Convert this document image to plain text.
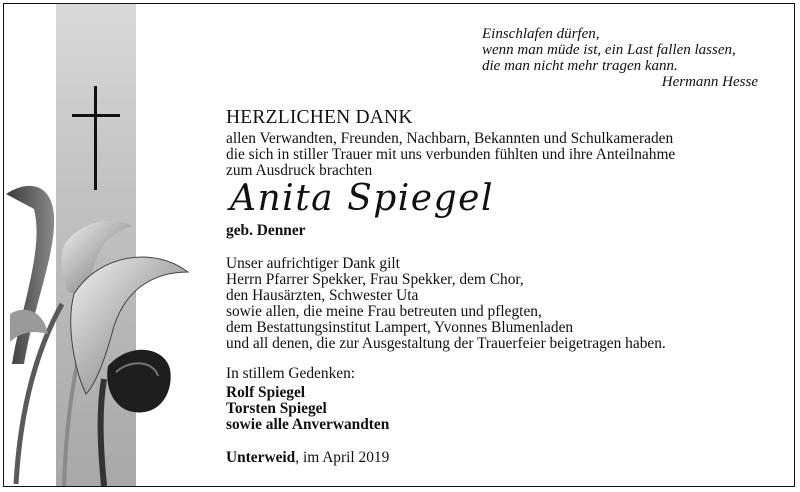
Einschlafen dürfen,
wenn man müde ist, ein Last fallen lassen,
die man nicht mehr tragen kann.
Hermann Hesse
HERZLICHEN DANK
allen Verwandten, Freunden, Nachbarn, Bekannten und Schulkameraden
die sich in stiller Trauer mit uns verbunden fühlten und ihre Anteilnahme
zum Ausdruck brachten
Anita Spiegel
geb. Denner
Unser aufrichtiger Dank gilt
Herrn Pfarrer Spekker, Frau Spekker, dem Chor,
den Hausärzten, Schwester Uta
sowie allen, die meine Frau betreuten und pflegten,
dem Bestattungsinstitut Lampert, Yvonnes Blumenladen
und all denen, die zur Ausgestaltung der Trauerfeier beigetragen haben.
In stillem Gedenken:
Rolf Spiegel
Torsten Spiegel
sowie alle Anverwandten
Unterweid, im April 2019
